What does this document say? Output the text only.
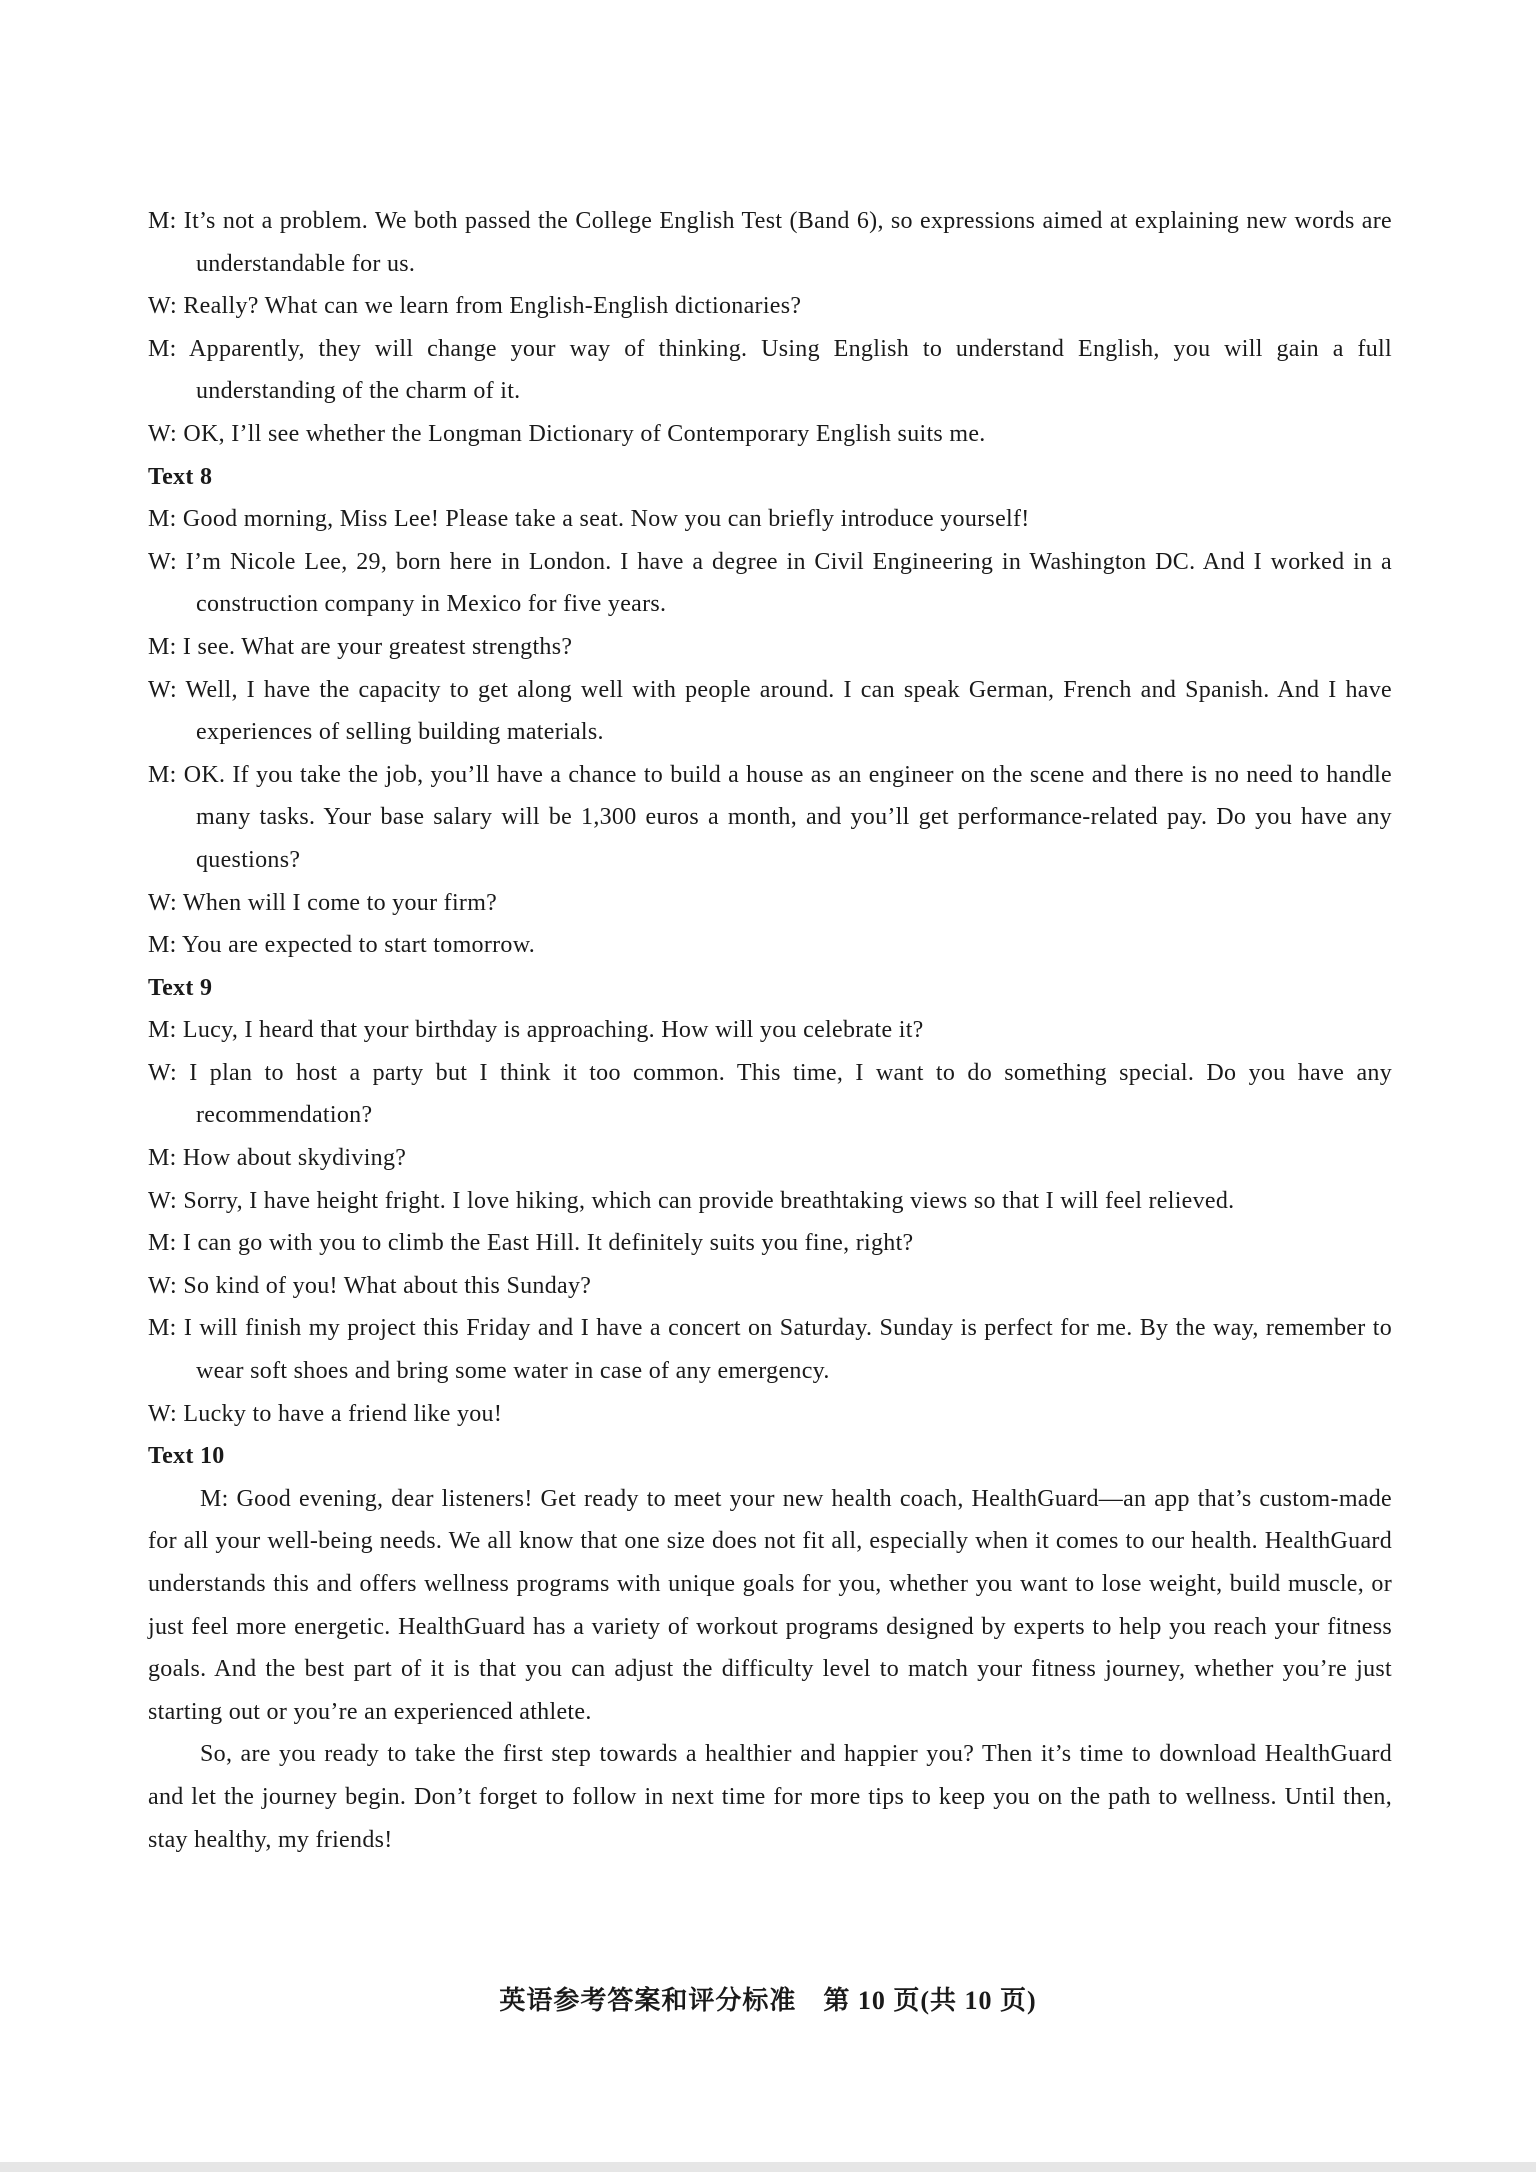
M: It’s not a problem. We both passed the College English Test (Band 6), so expressions aimed at explaining new words are understandable for us.
W: Really? What can we learn from English-English dictionaries?
M: Apparently, they will change your way of thinking. Using English to understand English, you will gain a full understanding of the charm of it.
W: OK, I’ll see whether the Longman Dictionary of Contemporary English suits me.
Text 8
M: Good morning, Miss Lee! Please take a seat. Now you can briefly introduce yourself!
W: I’m Nicole Lee, 29, born here in London. I have a degree in Civil Engineering in Washington DC. And I worked in a construction company in Mexico for five years.
M: I see. What are your greatest strengths?
W: Well, I have the capacity to get along well with people around. I can speak German, French and Spanish. And I have experiences of selling building materials.
M: OK. If you take the job, you’ll have a chance to build a house as an engineer on the scene and there is no need to handle many tasks. Your base salary will be 1,300 euros a month, and you’ll get performance-related pay. Do you have any questions?
W: When will I come to your firm?
M: You are expected to start tomorrow.
Text 9
M: Lucy, I heard that your birthday is approaching. How will you celebrate it?
W: I plan to host a party but I think it too common. This time, I want to do something special. Do you have any recommendation?
M: How about skydiving?
W: Sorry, I have height fright. I love hiking, which can provide breathtaking views so that I will feel relieved.
M: I can go with you to climb the East Hill. It definitely suits you fine, right?
W: So kind of you! What about this Sunday?
M: I will finish my project this Friday and I have a concert on Saturday. Sunday is perfect for me. By the way, remember to wear soft shoes and bring some water in case of any emergency.
W: Lucky to have a friend like you!
Text 10
M: Good evening, dear listeners! Get ready to meet your new health coach, HealthGuard—an app that’s custom-made for all your well-being needs. We all know that one size does not fit all, especially when it comes to our health. HealthGuard understands this and offers wellness programs with unique goals for you, whether you want to lose weight, build muscle, or just feel more energetic. HealthGuard has a variety of workout programs designed by experts to help you reach your fitness goals. And the best part of it is that you can adjust the difficulty level to match your fitness journey, whether you’re just starting out or you’re an experienced athlete.
So, are you ready to take the first step towards a healthier and happier you? Then it’s time to download HealthGuard and let the journey begin. Don’t forget to follow in next time for more tips to keep you on the path to wellness. Until then, stay healthy, my friends!
英语参考答案和评分标准　第 10 页(共 10 页)
